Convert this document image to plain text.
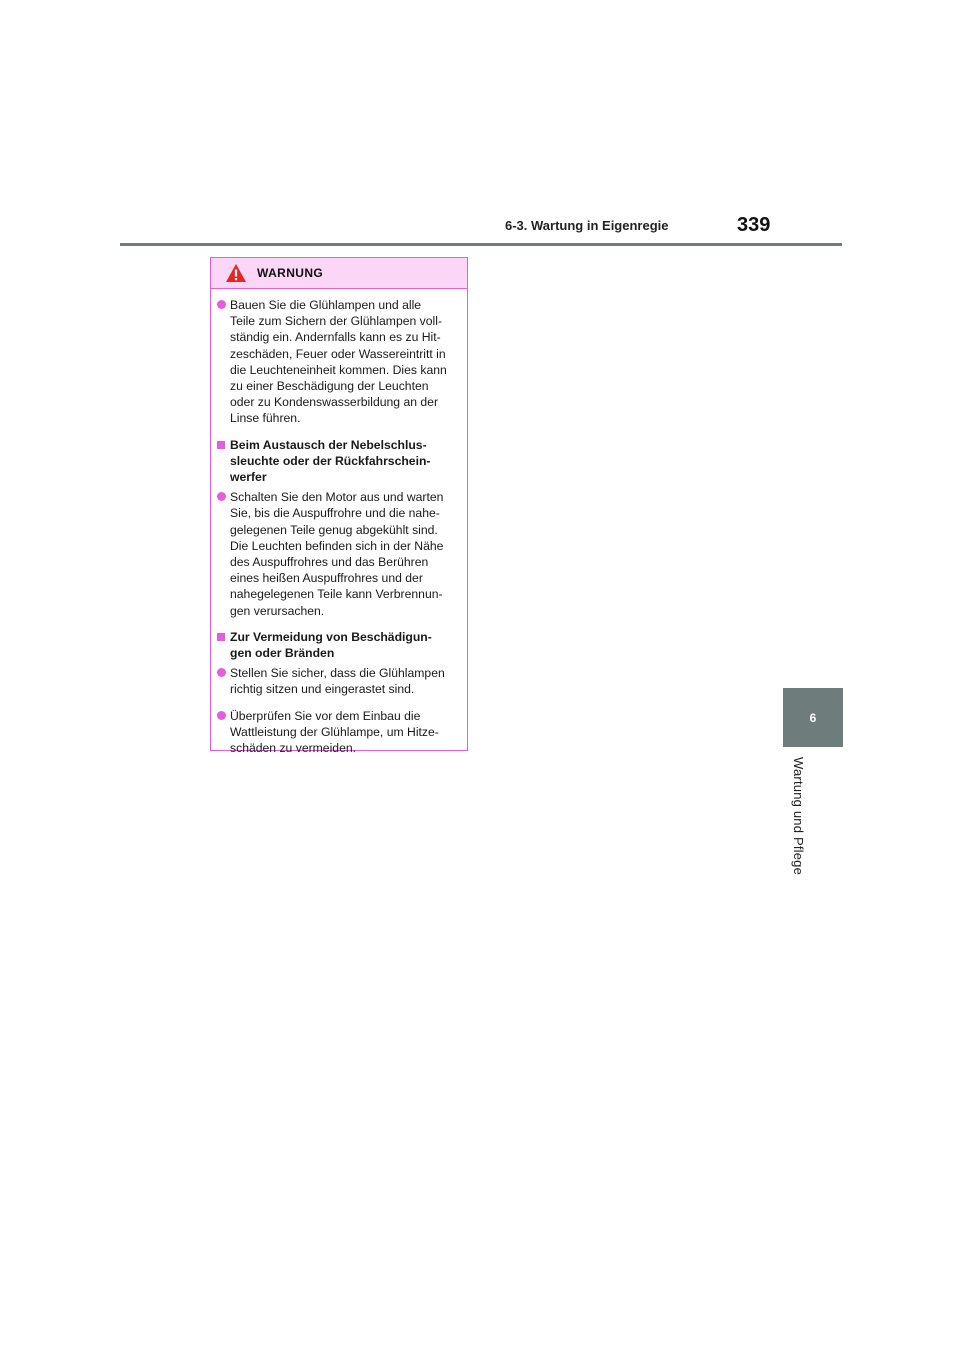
6-3. Wartung in Eigenregie	339
6
Wartung und Pflege
WARNUNG
Bauen Sie die Glühlampen und alle
Teile zum Sichern der Glühlampen voll-
ständig ein. Andernfalls kann es zu Hit-
zeschäden, Feuer oder Wassereintritt in
die Leuchteneinheit kommen. Dies kann
zu einer Beschädigung der Leuchten
oder zu Kondenswasserbildung an der
Linse führen.
Beim Austausch der Nebelschlus-
sleuchte oder der Rückfahrschein-
werfer
Schalten Sie den Motor aus und warten
Sie, bis die Auspuffrohre und die nahe-
gelegenen Teile genug abgekühlt sind.
Die Leuchten befinden sich in der Nähe
des Auspuffrohres und das Berühren
eines heißen Auspuffrohres und der
nahegelegenen Teile kann Verbrennun-
gen verursachen.
Zur Vermeidung von Beschädigun-
gen oder Bränden
Stellen Sie sicher, dass die Glühlampen
richtig sitzen und eingerastet sind.
Überprüfen Sie vor dem Einbau die
Wattleistung der Glühlampe, um Hitze-
schäden zu vermeiden.
